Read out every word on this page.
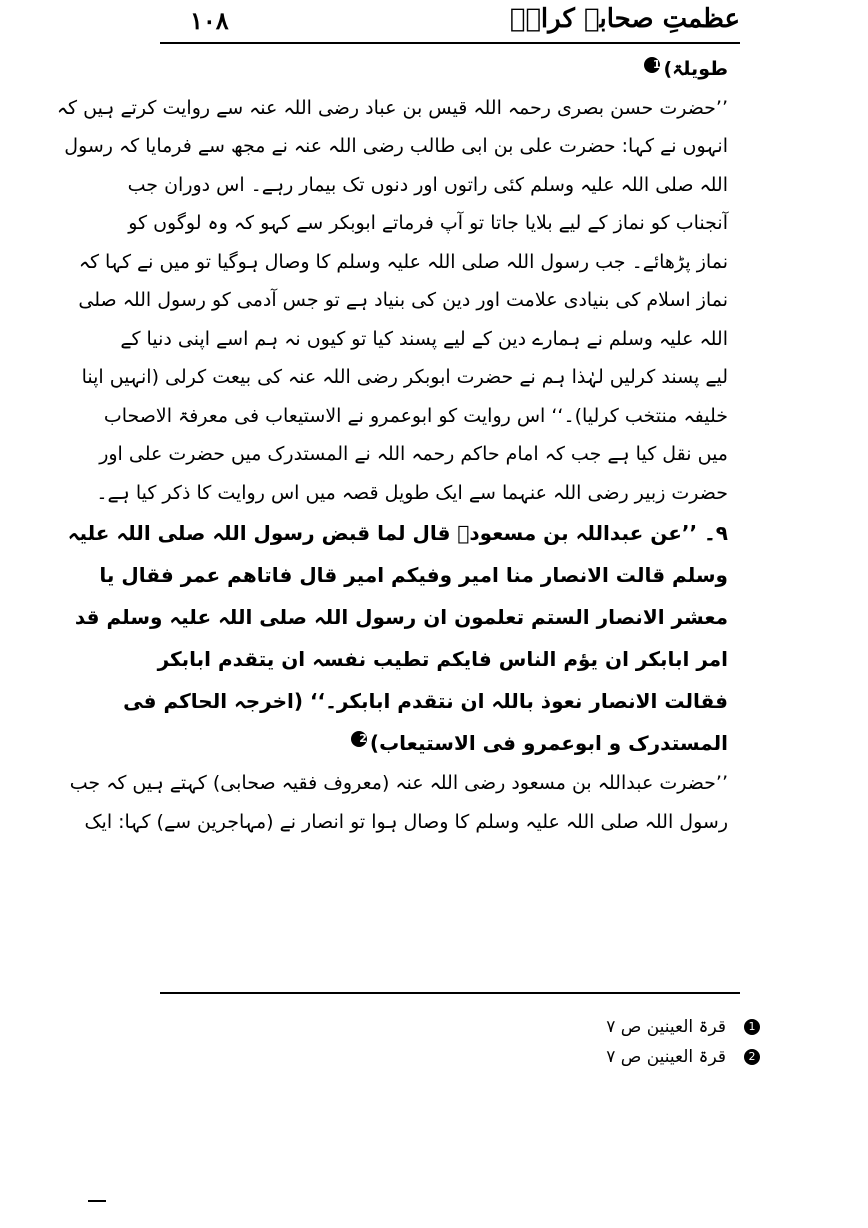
عظمتِ صحابہ کرامؓ
۱۰۸
طویلۃ)1
’’حضرت حسن بصری رحمہ اللہ قیس بن عباد رضی اللہ عنہ سے روایت کرتے ہیں کہ
انہوں نے کہا: حضرت علی بن ابی طالب رضی اللہ عنہ نے مجھ سے فرمایا کہ رسول
اللہ صلی اللہ علیہ وسلم کئی راتوں اور دنوں تک بیمار رہے۔ اس دوران جب
آنجناب کو نماز کے لیے بلایا جاتا تو آپ فرماتے ابوبکر سے کہو کہ وہ لوگوں کو
نماز پڑھائے۔ جب رسول اللہ صلی اللہ علیہ وسلم کا وصال ہوگیا تو میں نے کہا کہ
نماز اسلام کی بنیادی علامت اور دین کی بنیاد ہے تو جس آدمی کو رسول اللہ صلی
اللہ علیہ وسلم نے ہمارے دین کے لیے پسند کیا تو کیوں نہ ہم اسے اپنی دنیا کے
لیے پسند کرلیں لہٰذا ہم نے حضرت ابوبکر رضی اللہ عنہ کی بیعت کرلی (انہیں اپنا
خلیفہ منتخب کرلیا)۔‘‘ اس روایت کو ابوعمرو نے الاستیعاب فی معرفۃ الاصحاب
میں نقل کیا ہے جب کہ امام حاکم رحمہ اللہ نے المستدرک میں حضرت علی اور
حضرت زبیر رضی اللہ عنہما سے ایک طویل قصہ میں اس روایت کا ذکر کیا ہے۔
۹۔ ’’عن عبداللہ بن مسعودؓ قال لما قبض رسول اللہ صلی اللہ علیہ
وسلم قالت الانصار منا امیر وفیکم امیر قال فاتاھم عمر فقال یا
معشر الانصار الستم تعلمون ان رسول اللہ صلی اللہ علیہ وسلم قد
امر ابابکر ان یؤم الناس فایکم تطیب نفسہ ان یتقدم ابابکر
فقالت الانصار نعوذ باللہ ان نتقدم ابابکر۔‘‘ (اخرجہ الحاکم فی
المستدرک و ابوعمرو فی الاستیعاب)2
’’حضرت عبداللہ بن مسعود رضی اللہ عنہ (معروف فقیہ صحابی) کہتے ہیں کہ جب
رسول اللہ صلی اللہ علیہ وسلم کا وصال ہوا تو انصار نے (مہاجرین سے) کہا: ایک
1قرۃ العینین ص ۷
2قرۃ العینین ص ۷
